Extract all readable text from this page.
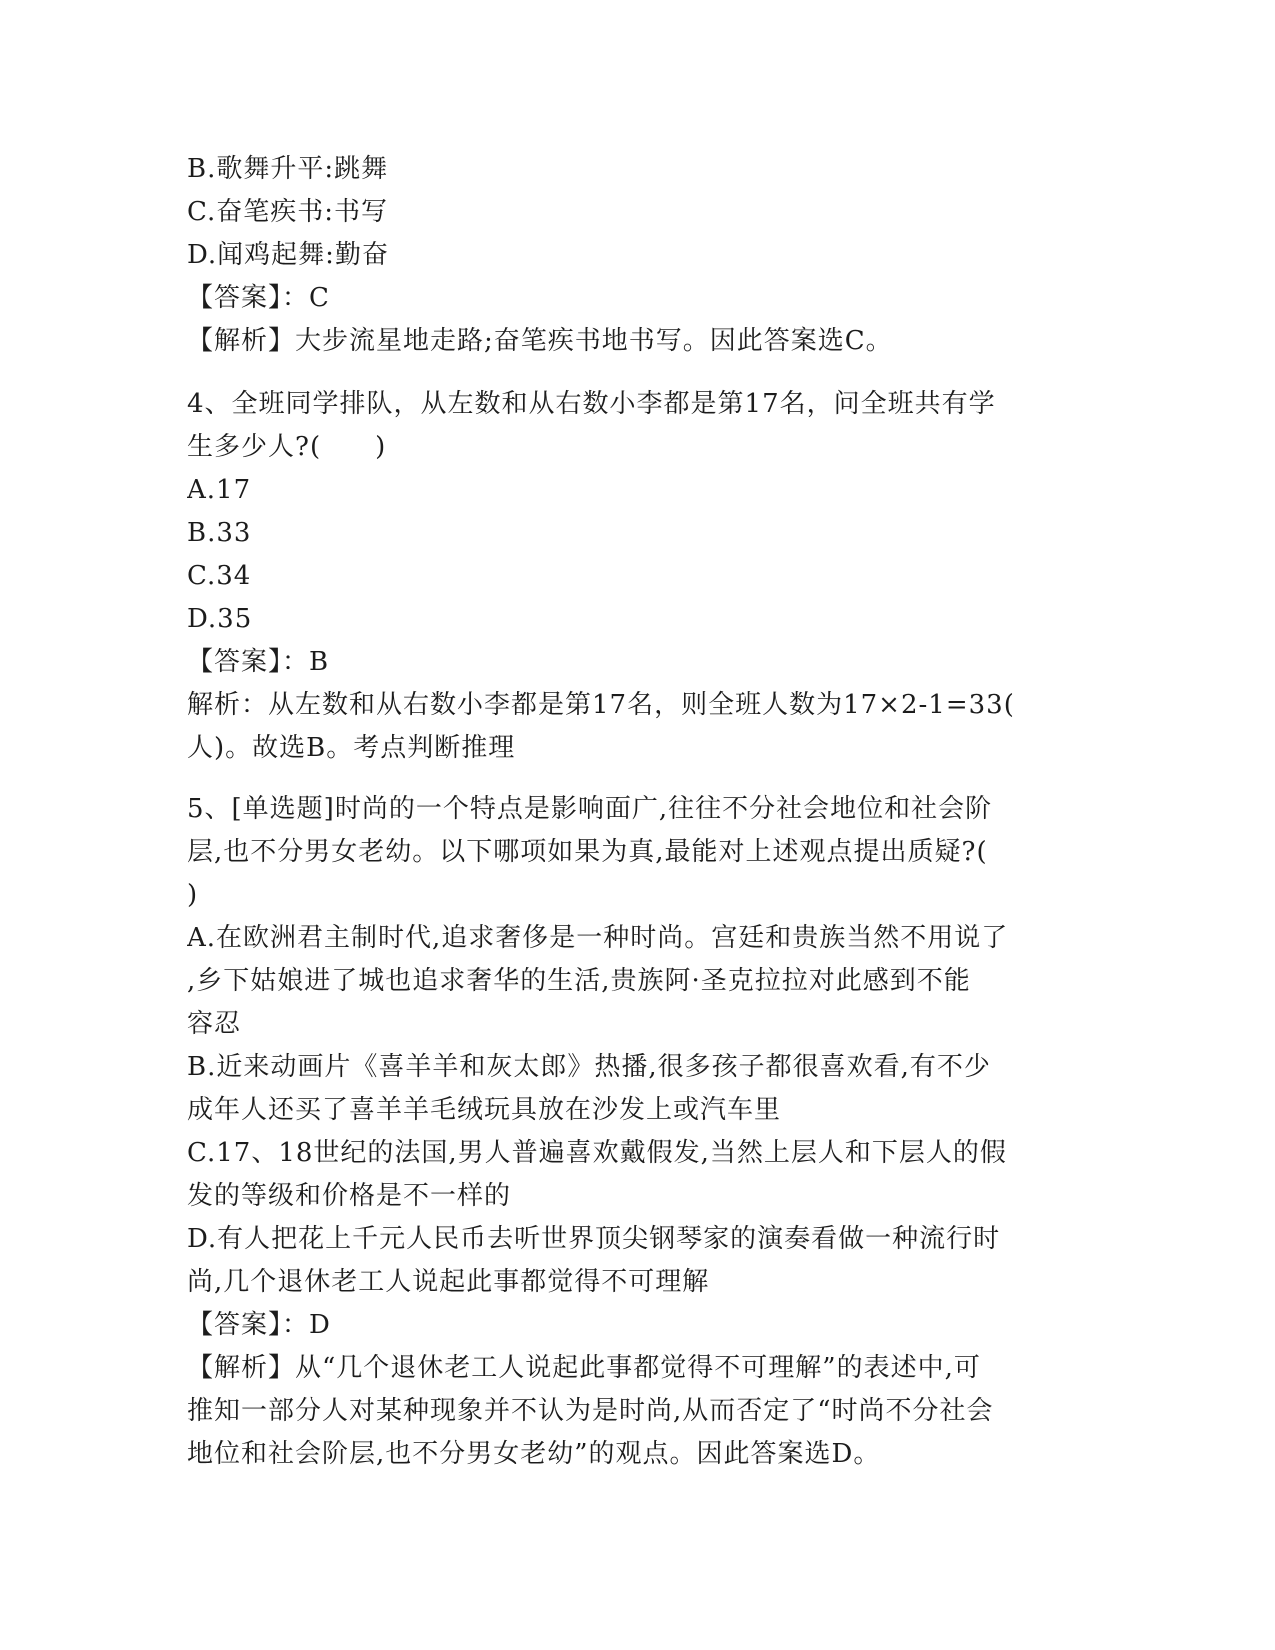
B.歌舞升平:跳舞
C.奋笔疾书:书写
D.闻鸡起舞:勤奋
【答案】：C
【解析】大步流星地走路;奋笔疾书地书写。因此答案选C。
4、全班同学排队，从左数和从右数小李都是第17名，问全班共有学
生多少人?(　　)
A.17
B.33
C.34
D.35
【答案】：B
解析：从左数和从右数小李都是第17名，则全班人数为17×2-1=33(
人)。故选B。考点判断推理
5、[单选题]时尚的一个特点是影响面广,往往不分社会地位和社会阶
层,也不分男女老幼。以下哪项如果为真,最能对上述观点提出质疑?(
)
A.在欧洲君主制时代,追求奢侈是一种时尚。宫廷和贵族当然不用说了
,乡下姑娘进了城也追求奢华的生活,贵族阿·圣克拉拉对此感到不能
容忍
B.近来动画片《喜羊羊和灰太郎》热播,很多孩子都很喜欢看,有不少
成年人还买了喜羊羊毛绒玩具放在沙发上或汽车里
C.17、18世纪的法国,男人普遍喜欢戴假发,当然上层人和下层人的假
发的等级和价格是不一样的
D.有人把花上千元人民币去听世界顶尖钢琴家的演奏看做一种流行时
尚,几个退休老工人说起此事都觉得不可理解
【答案】：D
【解析】从“几个退休老工人说起此事都觉得不可理解”的表述中,可
推知一部分人对某种现象并不认为是时尚,从而否定了“时尚不分社会
地位和社会阶层,也不分男女老幼”的观点。因此答案选D。
